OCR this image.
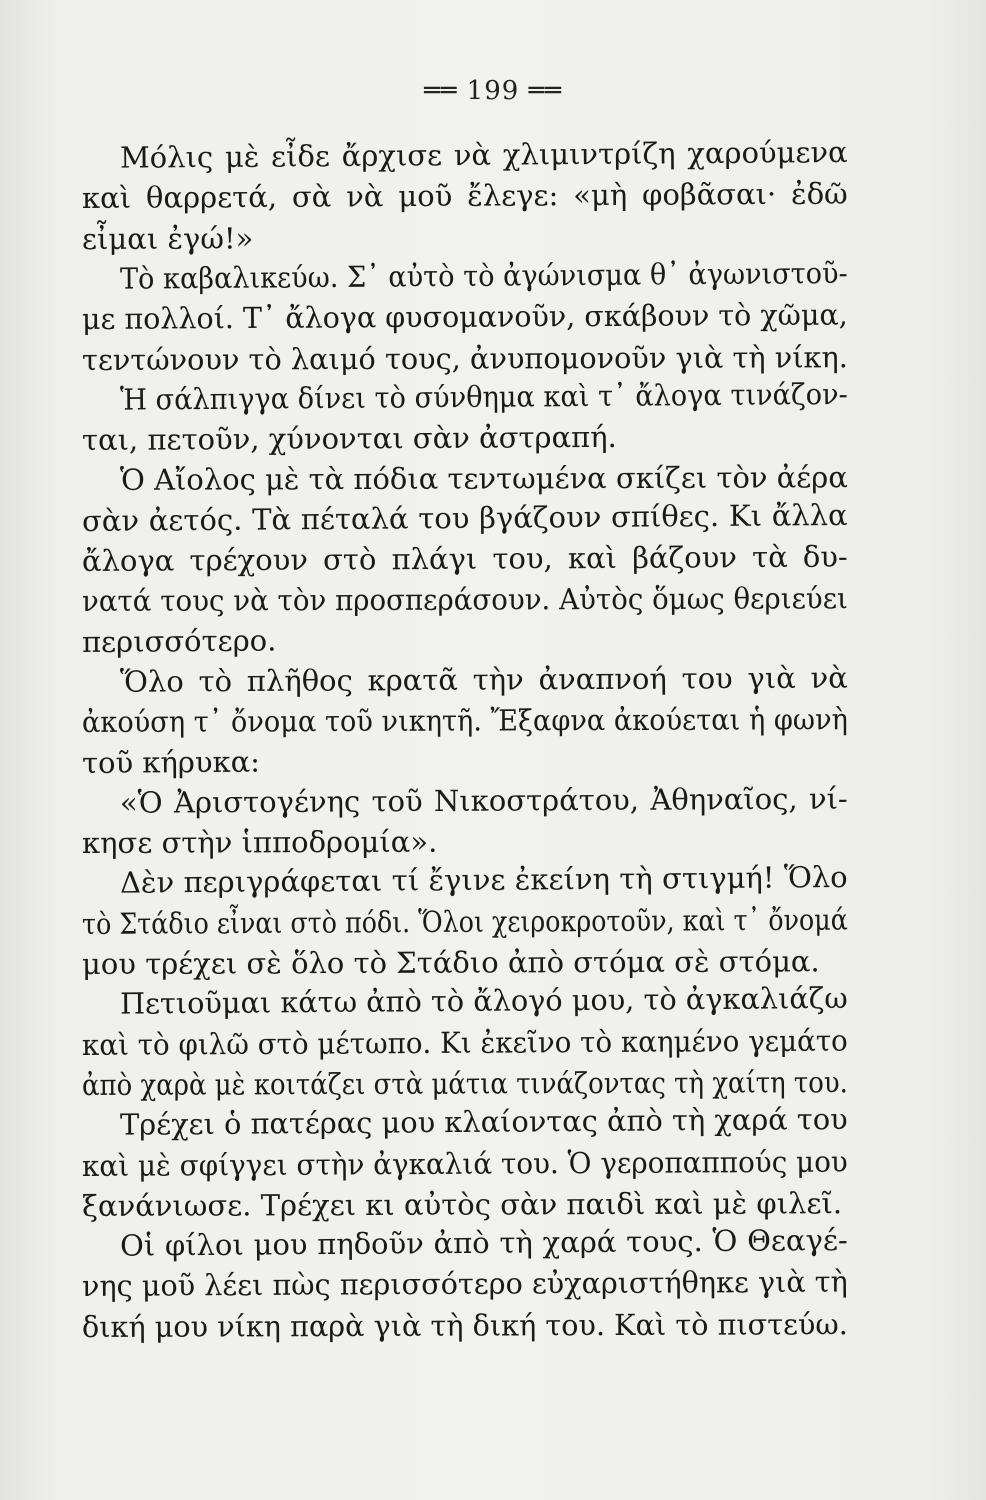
══ 199 ══
Μόλις μὲ εἶδε ἄρχισε νὰ χλιμιντρίζη χαρούμενα
καὶ θαρρετά, σὰ νὰ μοῦ ἔλεγε: «μὴ φοβᾶσαι· ἐδῶ
εἶμαι ἐγώ!»
Τὸ καβαλικεύω. Σ᾿ αὐτὸ τὸ ἀγώνισμα θ᾿ ἀγωνιστοῦ-
με πολλοί. Τ᾿ ἄλογα φυσομανοῦν, σκάβουν τὸ χῶμα,
τεντώνουν τὸ λαιμό τους, ἀνυπομονοῦν γιὰ τὴ νίκη.
Ἡ σάλπιγγα δίνει τὸ σύνθημα καὶ τ᾿ ἄλογα τινάζον-
ται, πετοῦν, χύνονται σὰν ἀστραπή.
Ὁ Αἴολος μὲ τὰ πόδια τεντωμένα σκίζει τὸν ἀέρα
σὰν ἀετός. Τὰ πέταλά του βγάζουν σπίθες. Κι ἄλλα
ἄλογα τρέχουν στὸ πλάγι του, καὶ βάζουν τὰ δυ-
νατά τους νὰ τὸν προσπεράσουν. Αὐτὸς ὅμως θεριεύει
περισσότερο.
Ὅλο τὸ πλῆθος κρατᾶ τὴν ἀναπνοή του γιὰ νὰ
ἀκούση τ᾿ ὄνομα τοῦ νικητῆ. Ἔξαφνα ἀκούεται ἡ φωνὴ
τοῦ κήρυκα:
«Ὁ Ἀριστογένης τοῦ Νικοστράτου, Ἀθηναῖος, νί-
κησε στὴν ἱπποδρομία».
Δὲν περιγράφεται τί ἔγινε ἐκείνη τὴ στιγμή! Ὅλο
τὸ Στάδιο εἶναι στὸ πόδι. Ὅλοι χειροκροτοῦν, καὶ τ᾿ ὄνομά
μου τρέχει σὲ ὅλο τὸ Στάδιο ἀπὸ στόμα σὲ στόμα.
Πετιοῦμαι κάτω ἀπὸ τὸ ἄλογό μου, τὸ ἀγκαλιάζω
καὶ τὸ φιλῶ στὸ μέτωπο. Κι ἐκεῖνο τὸ καημένο γεμάτο
ἀπὸ χαρὰ μὲ κοιτάζει στὰ μάτια τινάζοντας τὴ χαίτη του.
Τρέχει ὁ πατέρας μου κλαίοντας ἀπὸ τὴ χαρά του
καὶ μὲ σφίγγει στὴν ἀγκαλιά του. Ὁ γεροπαππούς μου
ξανάνιωσε. Τρέχει κι αὐτὸς σὰν παιδὶ καὶ μὲ φιλεῖ.
Οἱ φίλοι μου πηδοῦν ἀπὸ τὴ χαρά τους. Ὁ Θεαγέ-
νης μοῦ λέει πὼς περισσότερο εὐχαριστήθηκε γιὰ τὴ
δική μου νίκη παρὰ γιὰ τὴ δική του. Καὶ τὸ πιστεύω.
